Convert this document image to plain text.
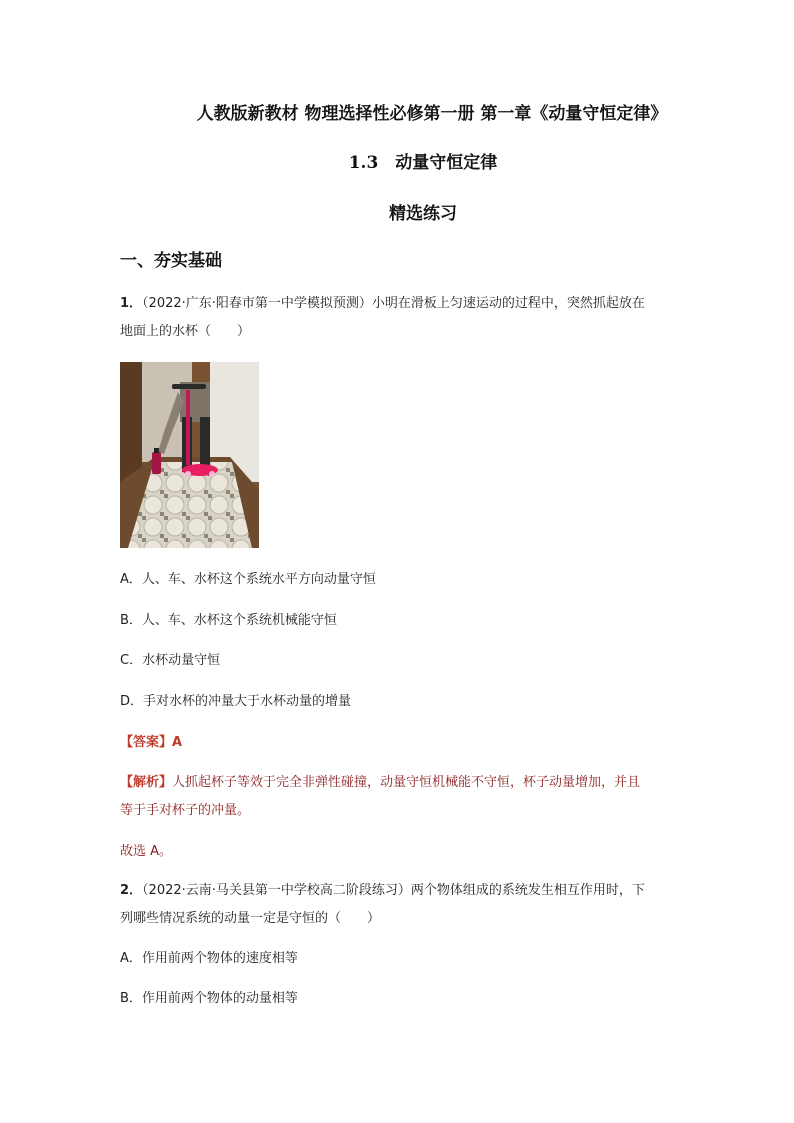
人教版新教材 物理选择性必修第一册 第一章《动量守恒定律》
1.3　动量守恒定律
精选练习
一、夯实基础
1．（2022·广东·阳春市第一中学模拟预测）小明在滑板上匀速运动的过程中，突然抓起放在
地面上的水杯（　　）
A．人、车、水杯这个系统水平方向动量守恒
B．人、车、水杯这个系统机械能守恒
C．水杯动量守恒
D．手对水杯的冲量大于水杯动量的增量
【答案】A
【解析】人抓起杯子等效于完全非弹性碰撞，动量守恒机械能不守恒，杯子动量增加，并且
等于手对杯子的冲量。
故选 A。
2．（2022·云南·马关县第一中学校高二阶段练习）两个物体组成的系统发生相互作用时，下
列哪些情况系统的动量一定是守恒的（　　）
A．作用前两个物体的速度相等
B．作用前两个物体的动量相等
